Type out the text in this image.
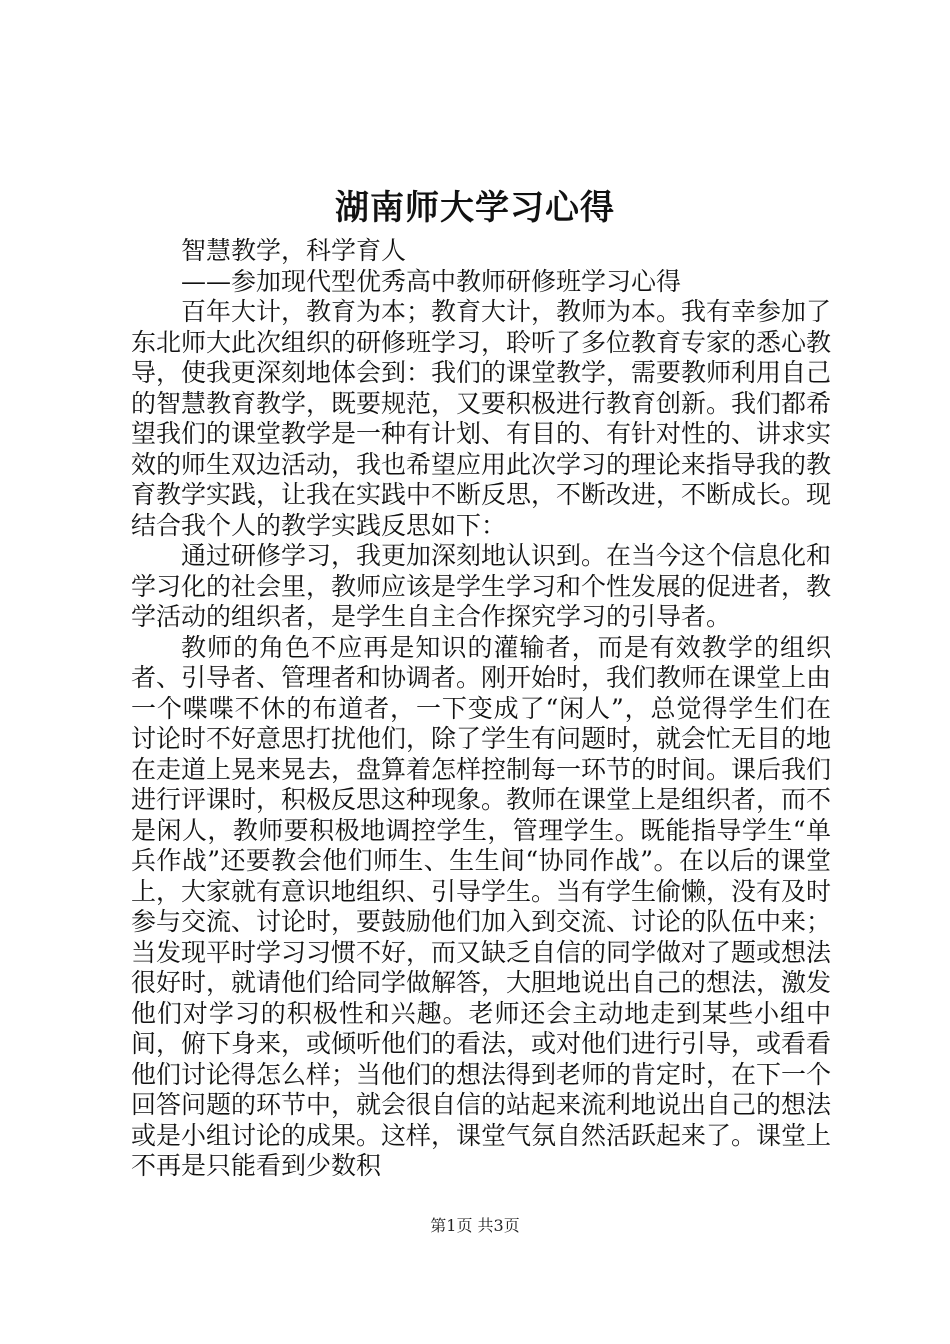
湖南师大学习心得

智慧教学，科学育人

——参加现代型优秀高中教师研修班学习心得

百年大计，教育为本；教育大计，教师为本。我有幸参加了东北师大此次组织的研修班学习，聆听了多位教育专家的悉心教导，使我更深刻地体会到：我们的课堂教学，需要教师利用自己的智慧教育教学，既要规范，又要积极进行教育创新。我们都希望我们的课堂教学是一种有计划、有目的、有针对性的、讲求实效的师生双边活动，我也希望应用此次学习的理论来指导我的教育教学实践，让我在实践中不断反思，不断改进，不断成长。现结合我个人的教学实践反思如下：

通过研修学习，我更加深刻地认识到。在当今这个信息化和学习化的社会里，教师应该是学生学习和个性发展的促进者，教学活动的组织者，是学生自主合作探究学习的引导者。

教师的角色不应再是知识的灌输者，而是有效教学的组织者、引导者、管理者和协调者。刚开始时，我们教师在课堂上由一个喋喋不休的布道者，一下变成了“闲人”，总觉得学生们在讨论时不好意思打扰他们，除了学生有问题时，就会忙无目的地在走道上晃来晃去，盘算着怎样控制每一环节的时间。课后我们进行评课时，积极反思这种现象。教师在课堂上是组织者，而不是闲人，教师要积极地调控学生，管理学生。既能指导学生“单兵作战”还要教会他们师生、生生间“协同作战”。在以后的课堂上，大家就有意识地组织、引导学生。当有学生偷懒，没有及时参与交流、讨论时，要鼓励他们加入到交流、讨论的队伍中来；当发现平时学习习惯不好，而又缺乏自信的同学做对了题或想法很好时，就请他们给同学做解答，大胆地说出自己的想法，激发他们对学习的积极性和兴趣。老师还会主动地走到某些小组中间，俯下身来，或倾听他们的看法，或对他们进行引导，或看看他们讨论得怎么样；当他们的想法得到老师的肯定时，在下一个回答问题的环节中，就会很自信的站起来流利地说出自己的想法或是小组讨论的成果。这样，课堂气氛自然活跃起来了。课堂上不再是只能看到少数积

第1页 共3页
